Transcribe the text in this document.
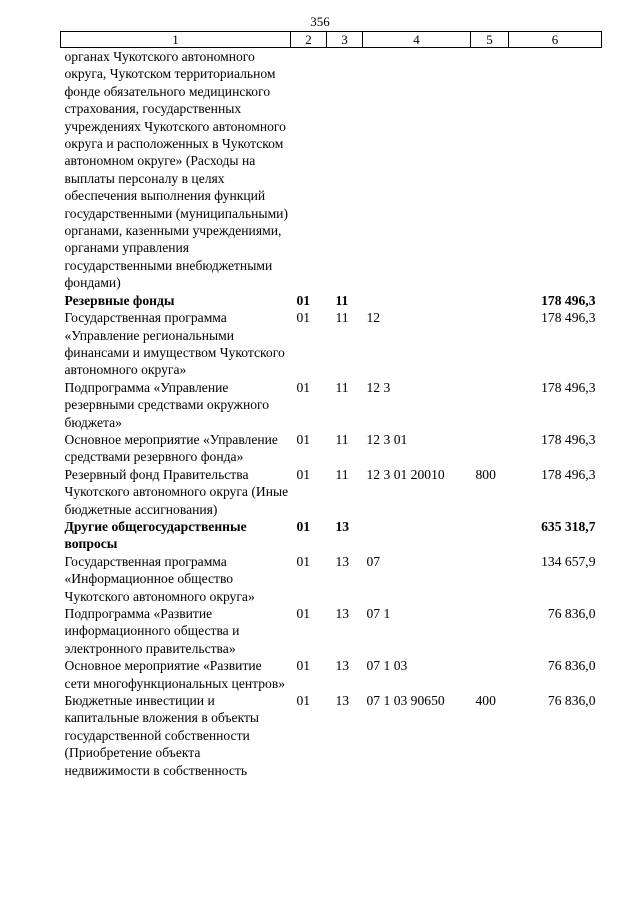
356
1	2	3	4	5	6
органах Чукотского автономного округа, Чукотском территориальном фонде обязательного медицинского страхования, государственных учреждениях Чукотского автономного округа и расположенных в Чукотском автономном округе» (Расходы на выплаты персоналу в целях обеспечения выполнения функций государственными (муниципальными) органами, казенными учреждениями, органами управления государственными внебюджетными фондами)					
Резервные фонды	01	11			178 496,3
Государственная программа «Управление региональными финансами и имуществом Чукотского автономного округа»	01	11	12		178 496,3
Подпрограмма «Управление резервными средствами окружного бюджета»	01	11	12 3		178 496,3
Основное мероприятие «Управление средствами резервного фонда»	01	11	12 3 01		178 496,3
Резервный фонд Правительства Чукотского автономного округа (Иные бюджетные ассигнования)	01	11	12 3 01 20010	800	178 496,3
Другие общегосударственные вопросы	01	13			635 318,7
Государственная программа «Информационное общество Чукотского автономного округа»	01	13	07		134 657,9
Подпрограмма «Развитие информационного общества и электронного правительства»	01	13	07 1		76 836,0
Основное мероприятие «Развитие сети многофункциональных центров»	01	13	07 1 03		76 836,0
Бюджетные инвестиции и капитальные вложения в объекты государственной собственности (Приобретение объекта недвижимости в собственность	01	13	07 1 03 90650	400	76 836,0
